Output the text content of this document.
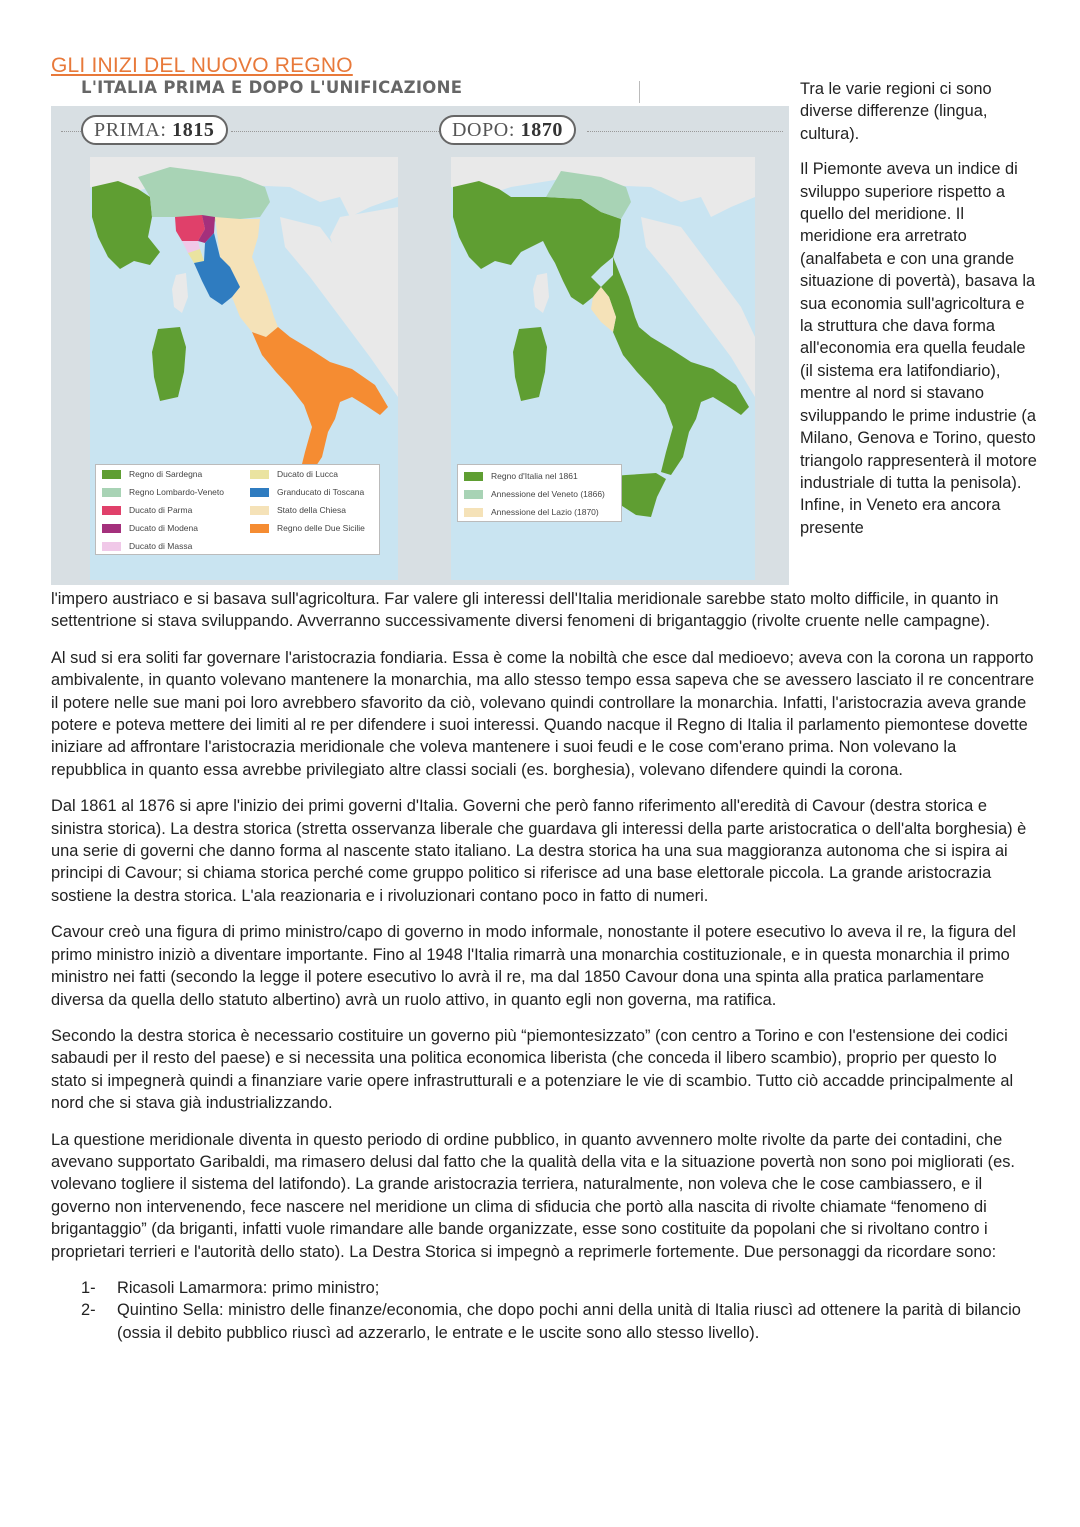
GLI INIZI DEL NUOVO REGNO
L'ITALIA PRIMA E DOPO L'UNIFICAZIONE
PRIMA: 1815	DOPO: 1870
Regno di Sardegna
Regno Lombardo-Veneto
Ducato di Parma
Ducato di Modena
Ducato di Massa
Ducato di Lucca
Granducato di Toscana
Stato della Chiesa
Regno delle Due Sicilie
Regno d'Italia nel 1861
Annessione del Veneto (1866)
Annessione del Lazio (1870)

Tra le varie regioni ci sono diverse differenze (lingua, cultura).

Il Piemonte aveva un indice di sviluppo superiore rispetto a quello del meridione. Il meridione era arretrato (analfabeta e con una grande situazione di povertà), basava la sua economia sull'agricoltura e la struttura che dava forma all'economia era quella feudale (il sistema era latifondiario), mentre al nord si stavano sviluppando le prime industrie (a Milano, Genova e Torino, questo triangolo rappresenterà il motore industriale di tutta la penisola). Infine, in Veneto era ancora presente

l'impero austriaco e si basava sull'agricoltura. Far valere gli interessi dell'Italia meridionale sarebbe stato molto difficile, in quanto in settentrione si stava sviluppando. Avverranno successivamente diversi fenomeni di brigantaggio (rivolte cruente nelle campagne).

Al sud si era soliti far governare l'aristocrazia fondiaria. Essa è come la nobiltà che esce dal medioevo; aveva con la corona un rapporto ambivalente, in quanto volevano mantenere la monarchia, ma allo stesso tempo essa sapeva che se avessero lasciato il re concentrare il potere nelle sue mani poi loro avrebbero sfavorito da ciò, volevano quindi controllare la monarchia. Infatti, l'aristocrazia aveva grande potere e poteva mettere dei limiti al re per difendere i suoi interessi. Quando nacque il Regno di Italia il parlamento piemontese dovette iniziare ad affrontare l'aristocrazia meridionale che voleva mantenere i suoi feudi e le cose com'erano prima. Non volevano la repubblica in quanto essa avrebbe privilegiato altre classi sociali (es. borghesia), volevano difendere quindi la corona.

Dal 1861 al 1876 si apre l'inizio dei primi governi d'Italia. Governi che però fanno riferimento all'eredità di Cavour (destra storica e sinistra storica). La destra storica (stretta osservanza liberale che guardava gli interessi della parte aristocratica o dell'alta borghesia) è una serie di governi che danno forma al nascente stato italiano. La destra storica ha una sua maggioranza autonoma che si ispira ai principi di Cavour; si chiama storica perché come gruppo politico si riferisce ad una base elettorale piccola. La grande aristocrazia sostiene la destra storica. L'ala reazionaria e i rivoluzionari contano poco in fatto di numeri.

Cavour creò una figura di primo ministro/capo di governo in modo informale, nonostante il potere esecutivo lo aveva il re, la figura del primo ministro iniziò a diventare importante. Fino al 1948 l'Italia rimarrà una monarchia costituzionale, e in questa monarchia il primo ministro nei fatti (secondo la legge il potere esecutivo lo avrà il re, ma dal 1850 Cavour dona una spinta alla pratica parlamentare diversa da quella dello statuto albertino) avrà un ruolo attivo, in quanto egli non governa, ma ratifica.

Secondo la destra storica è necessario costituire un governo più “piemontesizzato” (con centro a Torino e con l'estensione dei codici sabaudi per il resto del paese) e si necessita una politica economica liberista (che conceda il libero scambio), proprio per questo lo stato si impegnerà quindi a finanziare varie opere infrastrutturali e a potenziare le vie di scambio. Tutto ciò accadde principalmente al nord che si stava già industrializzando.

La questione meridionale diventa in questo periodo di ordine pubblico, in quanto avvennero molte rivolte da parte dei contadini, che avevano supportato Garibaldi, ma rimasero delusi dal fatto che la qualità della vita e la situazione povertà non sono poi migliorati (es. volevano togliere il sistema del latifondo). La grande aristocrazia terriera, naturalmente, non voleva che le cose cambiassero, e il governo non intervenendo, fece nascere nel meridione un clima di sfiducia che portò alla nascita di rivolte chiamate “fenomeno di brigantaggio” (da briganti, infatti vuole rimandare alle bande organizzate, esse sono costituite da popolani che si rivoltano contro i proprietari terrieri e l'autorità dello stato). La Destra Storica si impegnò a reprimerle fortemente. Due personaggi da ricordare sono:

1- Ricasoli Lamarmora: primo ministro;
2- Quintino Sella: ministro delle finanze/economia, che dopo pochi anni della unità di Italia riuscì ad ottenere la parità di bilancio (ossia il debito pubblico riuscì ad azzerarlo, le entrate e le uscite sono allo stesso livello).
